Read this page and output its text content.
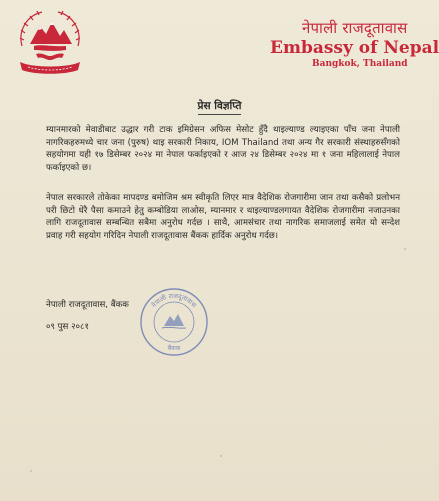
नेपाली राजदूतावास
Embassy of Nepal
Bangkok, Thailand
प्रेस विज्ञप्ति
म्यानमारको मेवाडीबाट उद्धार गरी टाक इमिग्रेसन अफिस मेसोट हुँदै थाइल्याण्ड ल्याइएका पाँच जना नेपाली नागरिकहरुमध्ये चार जना (पुरुष) थाइ सरकारी निकाय, IOM Thailand तथा अन्य गैर सरकारी संस्थाहरुसँगको सहयोगमा यही १७ डिसेम्बर २०२४ मा नेपाल फर्काइएको र आज २४ डिसेम्बर २०२४ मा १ जना महिलालाई नेपाल फर्काइएको छ।
नेपाल सरकारले तोकेका मापदण्ड बमोजिम श्रम स्वीकृति लिएर मात्र वैदेशिक रोजगारीमा जान तथा कसैको प्रलोभन परी छिटो धेरै पैसा कमाउने हेतु कम्बोडिया लाओस, म्यानमार र थाइल्याण्डलगायत वैदेशिक रोजगारीमा नजाउनका लागि राजदूतावास सम्बन्धित सबैमा अनुरोध गर्दछ । साथै, आमसंचार तथा नागरिक समाजलाई समेत यो सन्देश प्रवाह गरी सहयोग गरिदिन नेपाली राजदूतावास बैंकक हार्दिक अनुरोध गर्दछ।
नेपाली राजदूतावास, बैंकक
०९ पुस २०८१
नेपाली राजदूतावास
बैंकक
